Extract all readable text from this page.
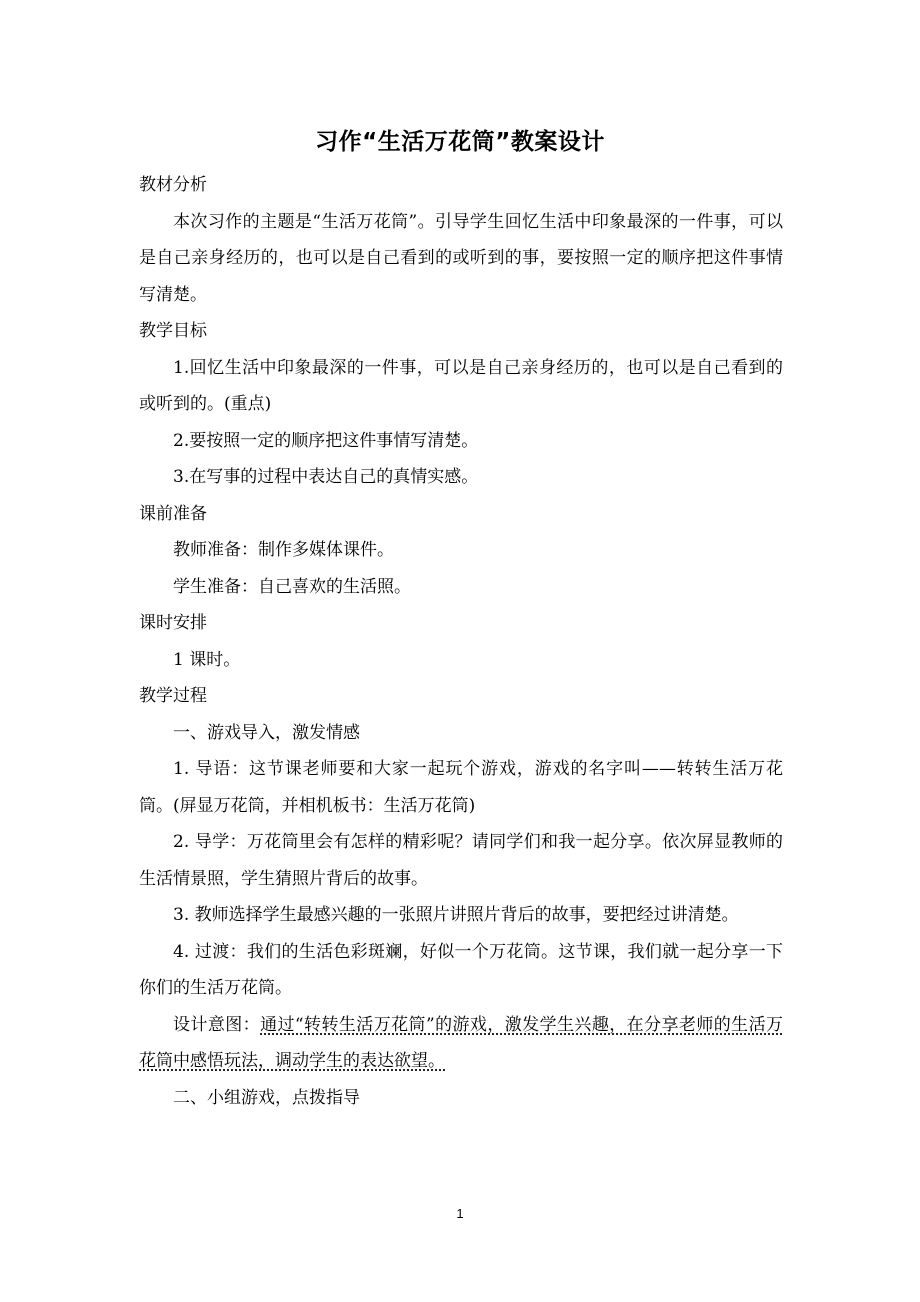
习作“生活万花筒”教案设计

教材分析

本次习作的主题是“生活万花筒”。引导学生回忆生活中印象最深的一件事，可以是自己亲身经历的，也可以是自己看到的或听到的事，要按照一定的顺序把这件事情写清楚。

教学目标

1.回忆生活中印象最深的一件事，可以是自己亲身经历的，也可以是自己看到的或听到的。(重点)

2.要按照一定的顺序把这件事情写清楚。

3.在写事的过程中表达自己的真情实感。

课前准备

教师准备：制作多媒体课件。

学生准备：自己喜欢的生活照。

课时安排

1 课时。

教学过程

一、游戏导入，激发情感

1. 导语：这节课老师要和大家一起玩个游戏，游戏的名字叫——转转生活万花筒。(屏显万花筒，并相机板书：生活万花筒)

2. 导学：万花筒里会有怎样的精彩呢？请同学们和我一起分享。依次屏显教师的生活情景照，学生猜照片背后的故事。

3. 教师选择学生最感兴趣的一张照片讲照片背后的故事，要把经过讲清楚。

4. 过渡：我们的生活色彩斑斓，好似一个万花筒。这节课，我们就一起分享一下你们的生活万花筒。

设计意图：通过“转转生活万花筒”的游戏，激发学生兴趣，在分享老师的生活万花筒中感悟玩法，调动学生的表达欲望。

二、小组游戏，点拨指导

1
